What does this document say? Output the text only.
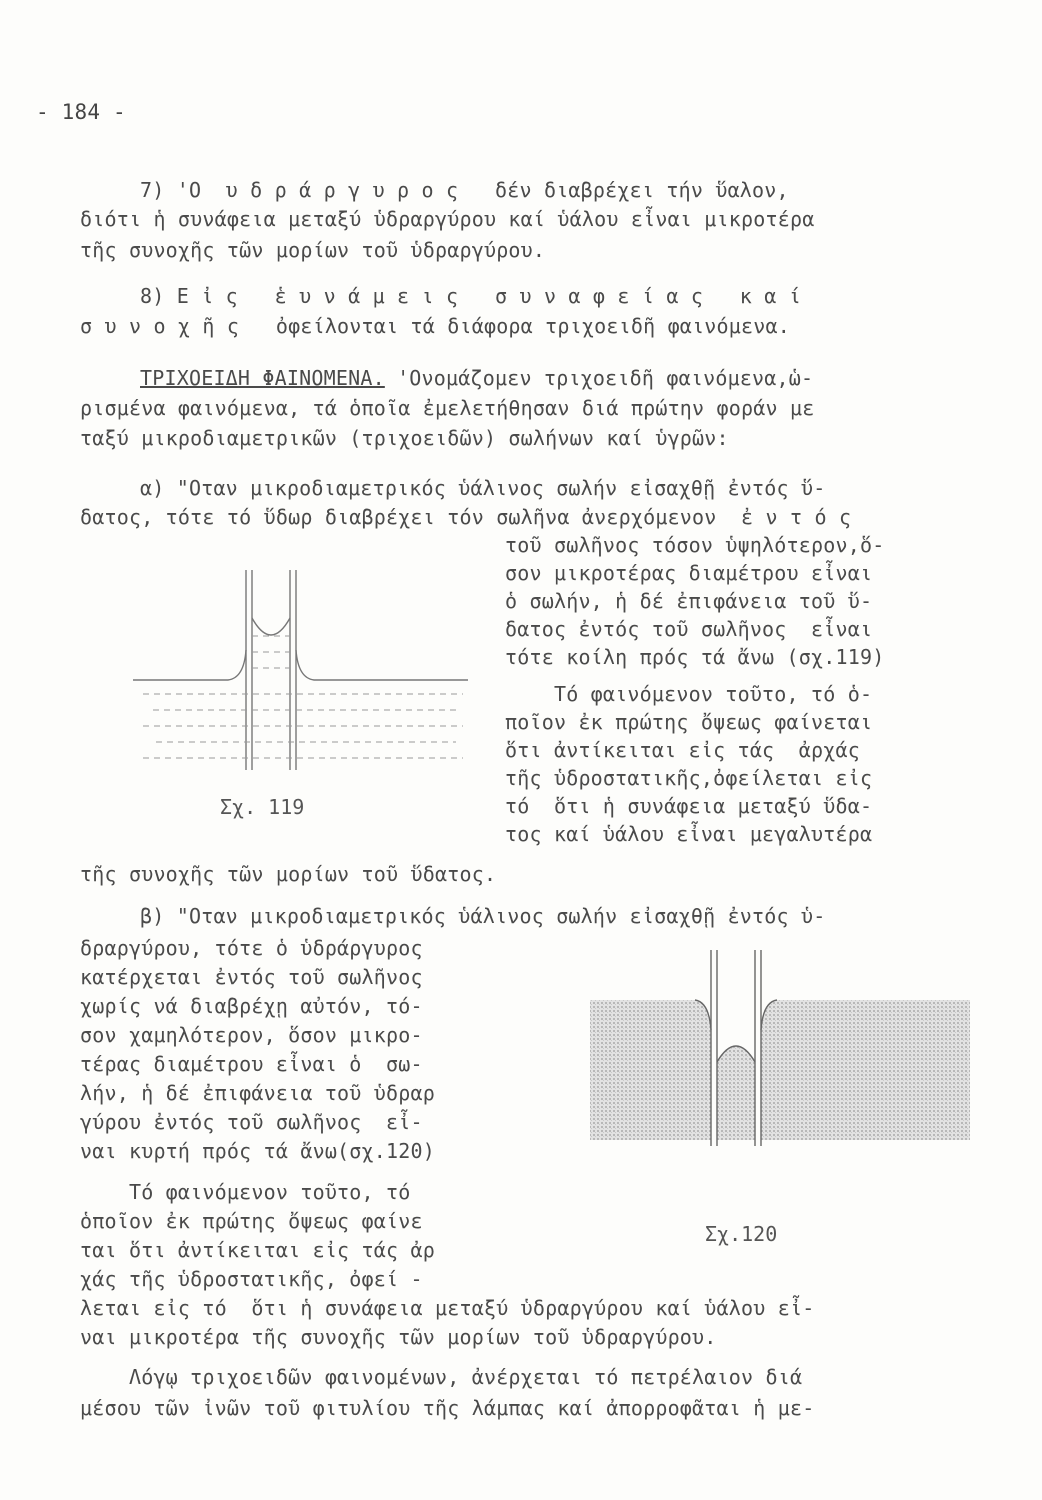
- 184 -
7) 'Ο  υ δ ρ ά ρ γ υ ρ ο ς   δέν διαβρέχει τήν ὕαλον,
διότι ἡ συνάφεια μεταξύ ὑδραργύρου καί ὑάλου εἶναι μικροτέρα
τῆς συνοχῆς τῶν μορίων τοῦ ὑδραργύρου.
8) Ε ἰ ς   ἑ υ ν ά μ ε ι ς   σ υ ν α φ ε ί α ς   κ α ί
σ υ ν ο χ ῆ ς   ὀφείλονται τά διάφορα τριχοειδῆ φαινόμενα.
ΤΡΙΧΟΕΙΔΗ ΦΑΙΝΟΜΕΝΑ. 'Ονομάζομεν τριχοειδῆ φαινόμενα,ὡ-
ρισμένα φαινόμενα, τά ὁποῖα ἐμελετήθησαν διά πρώτην φοράν με
ταξύ μικροδιαμετρικῶν (τριχοειδῶν) σωλήνων καί ὑγρῶν:
α) "Οταν μικροδιαμετρικός ὑάλινος σωλήν εἰσαχθῇ ἐντός ὕ-
δατος, τότε τό ὕδωρ διαβρέχει τόν σωλῆνα ἀνερχόμενον  ἐ ν τ ό ς
τοῦ σωλῆνος τόσον ὑψηλότερον,ὅ-
σον μικροτέρας διαμέτρου εἶναι
ὁ σωλήν, ἡ δέ ἐπιφάνεια τοῦ ὕ-
δατος ἐντός τοῦ σωλῆνος  εἶναι
τότε κοίλη πρός τά ἄνω (σχ.119)
Τό φαινόμενον τοῦτο, τό ὁ-
ποῖον ἐκ πρώτης ὄψεως φαίνεται
ὅτι ἀντίκειται εἰς τάς  ἀρχάς
τῆς ὑδροστατικῆς,ὀφείλεται εἰς
τό  ὅτι ἡ συνάφεια μεταξύ ὕδα-
τος καί ὑάλου εἶναι μεγαλυτέρα
τῆς συνοχῆς τῶν μορίων τοῦ ὕδατος.
Σχ. 119
β) "Οταν μικροδιαμετρικός ὑάλινος σωλήν εἰσαχθῇ ἐντός ὑ-
δραργύρου, τότε ὁ ὑδράργυρος
κατέρχεται ἐντός τοῦ σωλῆνος
χωρίς νά διαβρέχῃ αὐτόν, τό-
σον χαμηλότερον, ὅσον μικρο-
τέρας διαμέτρου εἶναι ὁ  σω-
λήν, ἡ δέ ἐπιφάνεια τοῦ ὑδραρ
γύρου ἐντός τοῦ σωλῆνος  εἶ-
ναι κυρτή πρός τά ἄνω(σχ.120)
Τό φαινόμενον τοῦτο, τό
ὁποῖον ἐκ πρώτης ὄψεως φαίνε
ται ὅτι ἀντίκειται εἰς τάς ἀρ
χάς τῆς ὑδροστατικῆς, ὀφεί -
λεται εἰς τό  ὅτι ἡ συνάφεια μεταξύ ὑδραργύρου καί ὑάλου εἶ-
ναι μικροτέρα τῆς συνοχῆς τῶν μορίων τοῦ ὑδραργύρου.
Σχ.120
Λόγῳ τριχοειδῶν φαινομένων, ἀνέρχεται τό πετρέλαιον διά
μέσου τῶν ἰνῶν τοῦ φιτυλίου τῆς λάμπας καί ἀπορροφᾶται ἡ με-
